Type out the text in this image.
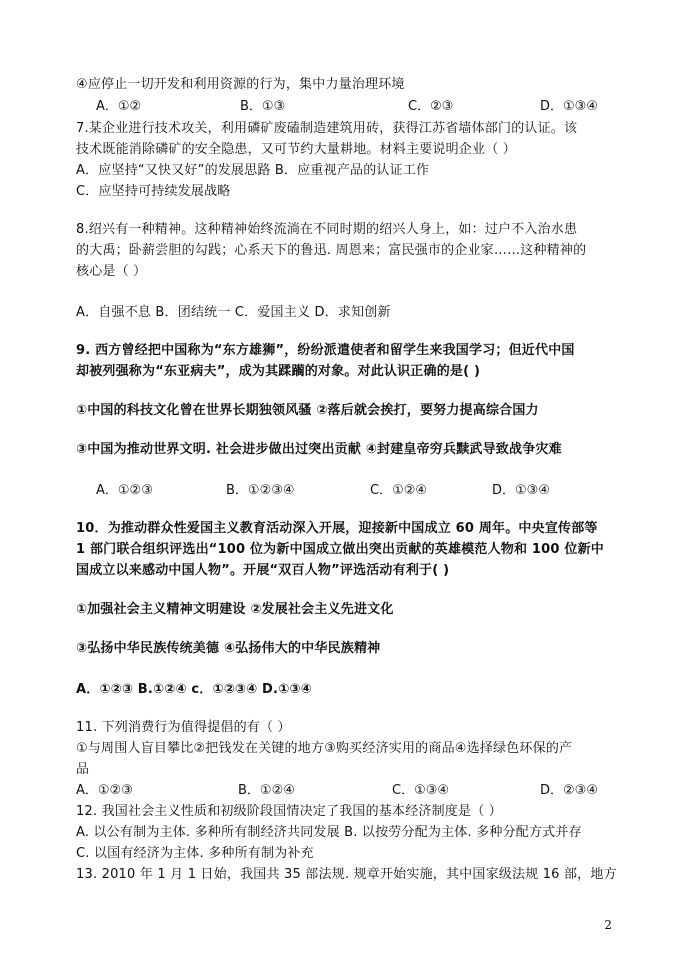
④应停止一切开发和利用资源的行为，集中力量治理环境
A．①②	B．①③	C．②③	D．①③④
7.某企业进行技术攻关，利用磷矿废磕制造建筑用砖，获得江苏省墙体部门的认证。该
技术既能消除磷矿的安全隐患，又可节约大量耕地。材料主要说明企业（ ）
A．应坚持“又快又好”的发展思路 B．应重视产品的认证工作
C．应坚持可持续发展战略
8.绍兴有一种精神。这种精神始终流淌在不同时期的绍兴人身上，如：过户不入治水患
的大禹；卧薪尝胆的勾践；心系天下的鲁迅. 周恩来；富民强市的企业家……这种精神的
核心是（ ）
A．自强不息 B．团结统一 C．爱国主义 D．求知创新
9. 西方曾经把中国称为“东方雄狮”，纷纷派遣使者和留学生来我国学习；但近代中国
却被列强称为“东亚病夫”，成为其蹂躏的对象。对此认识正确的是( )
①中国的科技文化曾在世界长期独领风骚 ②落后就会挨打，要努力提高综合国力
③中国为推动世界文明. 社会进步做出过突出贡献 ④封建皇帝穷兵黩武导致战争灾难
A．①②③	B．①②③④	C．①②④	D．①③④
10．为推动群众性爱国主义教育活动深入开展，迎接新中国成立 60 周年。中央宣传部等
1 部门联合组织评选出“100 位为新中国成立做出突出贡献的英雄模范人物和 100 位新中
国成立以来感动中国人物”。开展“双百人物”评选活动有利于( )
①加强社会主义精神文明建设 ②发展社会主义先进文化
③弘扬中华民族传统美德 ④弘扬伟大的中华民族精神
A．①②③ B.①②④ c．①②③④ D.①③④
11. 下列消费行为值得提倡的有（ ）
①与周围人盲目攀比②把钱发在关键的地方③购买经济实用的商品④选择绿色环保的产
品
A．①②③	B．①②④	C．①③④	D．②③④
12. 我国社会主义性质和初级阶段国情决定了我国的基本经济制度是（ ）
A. 以公有制为主体. 多种所有制经济共同发展 B. 以按劳分配为主体. 多种分配方式并存
C. 以国有经济为主体. 多种所有制为补充
13. 2010 年 1 月 1 日始，我国共 35 部法规. 规章开始实施，其中国家级法规 16 部，地方
2
